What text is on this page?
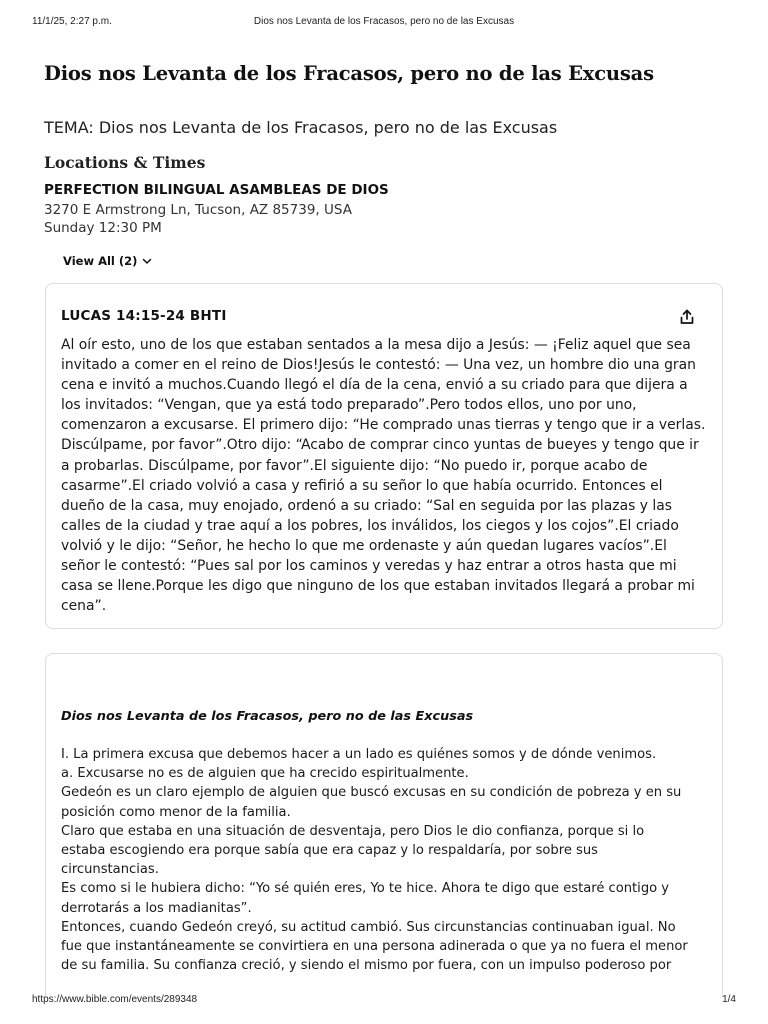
11/1/25, 2:27 p.m.	Dios nos Levanta de los Fracasos, pero no de las Excusas
Dios nos Levanta de los Fracasos, pero no de las Excusas
TEMA: Dios nos Levanta de los Fracasos, pero no de las Excusas
Locations & Times
PERFECTION BILINGUAL ASAMBLEAS DE DIOS
3270 E Armstrong Ln, Tucson, AZ 85739, USA
Sunday 12:30 PM
View All (2)
LUCAS 14:15-24 BHTI

Al oír esto, uno de los que estaban sentados a la mesa dijo a Jesús: — ¡Feliz aquel que sea invitado a comer en el reino de Dios!Jesús le contestó: — Una vez, un hombre dio una gran cena e invitó a muchos.Cuando llegó el día de la cena, envió a su criado para que dijera a los invitados: “Vengan, que ya está todo preparado”.Pero todos ellos, uno por uno, comenzaron a excusarse. El primero dijo: “He comprado unas tierras y tengo que ir a verlas. Discúlpame, por favor”.Otro dijo: “Acabo de comprar cinco yuntas de bueyes y tengo que ir a probarlas. Discúlpame, por favor”.El siguiente dijo: “No puedo ir, porque acabo de casarme”.El criado volvió a casa y refirió a su señor lo que había ocurrido. Entonces el dueño de la casa, muy enojado, ordenó a su criado: “Sal en seguida por las plazas y las calles de la ciudad y trae aquí a los pobres, los inválidos, los ciegos y los cojos”.El criado volvió y le dijo: “Señor, he hecho lo que me ordenaste y aún quedan lugares vacíos”.El señor le contestó: “Pues sal por los caminos y veredas y haz entrar a otros hasta que mi casa se llene.Porque les digo que ninguno de los que estaban invitados llegará a probar mi cena”.

Dios nos Levanta de los Fracasos, pero no de las Excusas
I. La primera excusa que debemos hacer a un lado es quiénes somos y de dónde venimos.
a. Excusarse no es de alguien que ha crecido espiritualmente.
Gedeón es un claro ejemplo de alguien que buscó excusas en su condición de pobreza y en su
posición como menor de la familia.
Claro que estaba en una situación de desventaja, pero Dios le dio confianza, porque si lo
estaba escogiendo era porque sabía que era capaz y lo respaldaría, por sobre sus
circunstancias.
Es como si le hubiera dicho: “Yo sé quién eres, Yo te hice. Ahora te digo que estaré contigo y
derrotarás a los madianitas”.
Entonces, cuando Gedeón creyó, su actitud cambió. Sus circunstancias continuaban igual. No
fue que instantáneamente se convirtiera en una persona adinerada o que ya no fuera el menor
de su familia. Su confianza creció, y siendo el mismo por fuera, con un impulso poderoso por
https://www.bible.com/events/289348	1/4
